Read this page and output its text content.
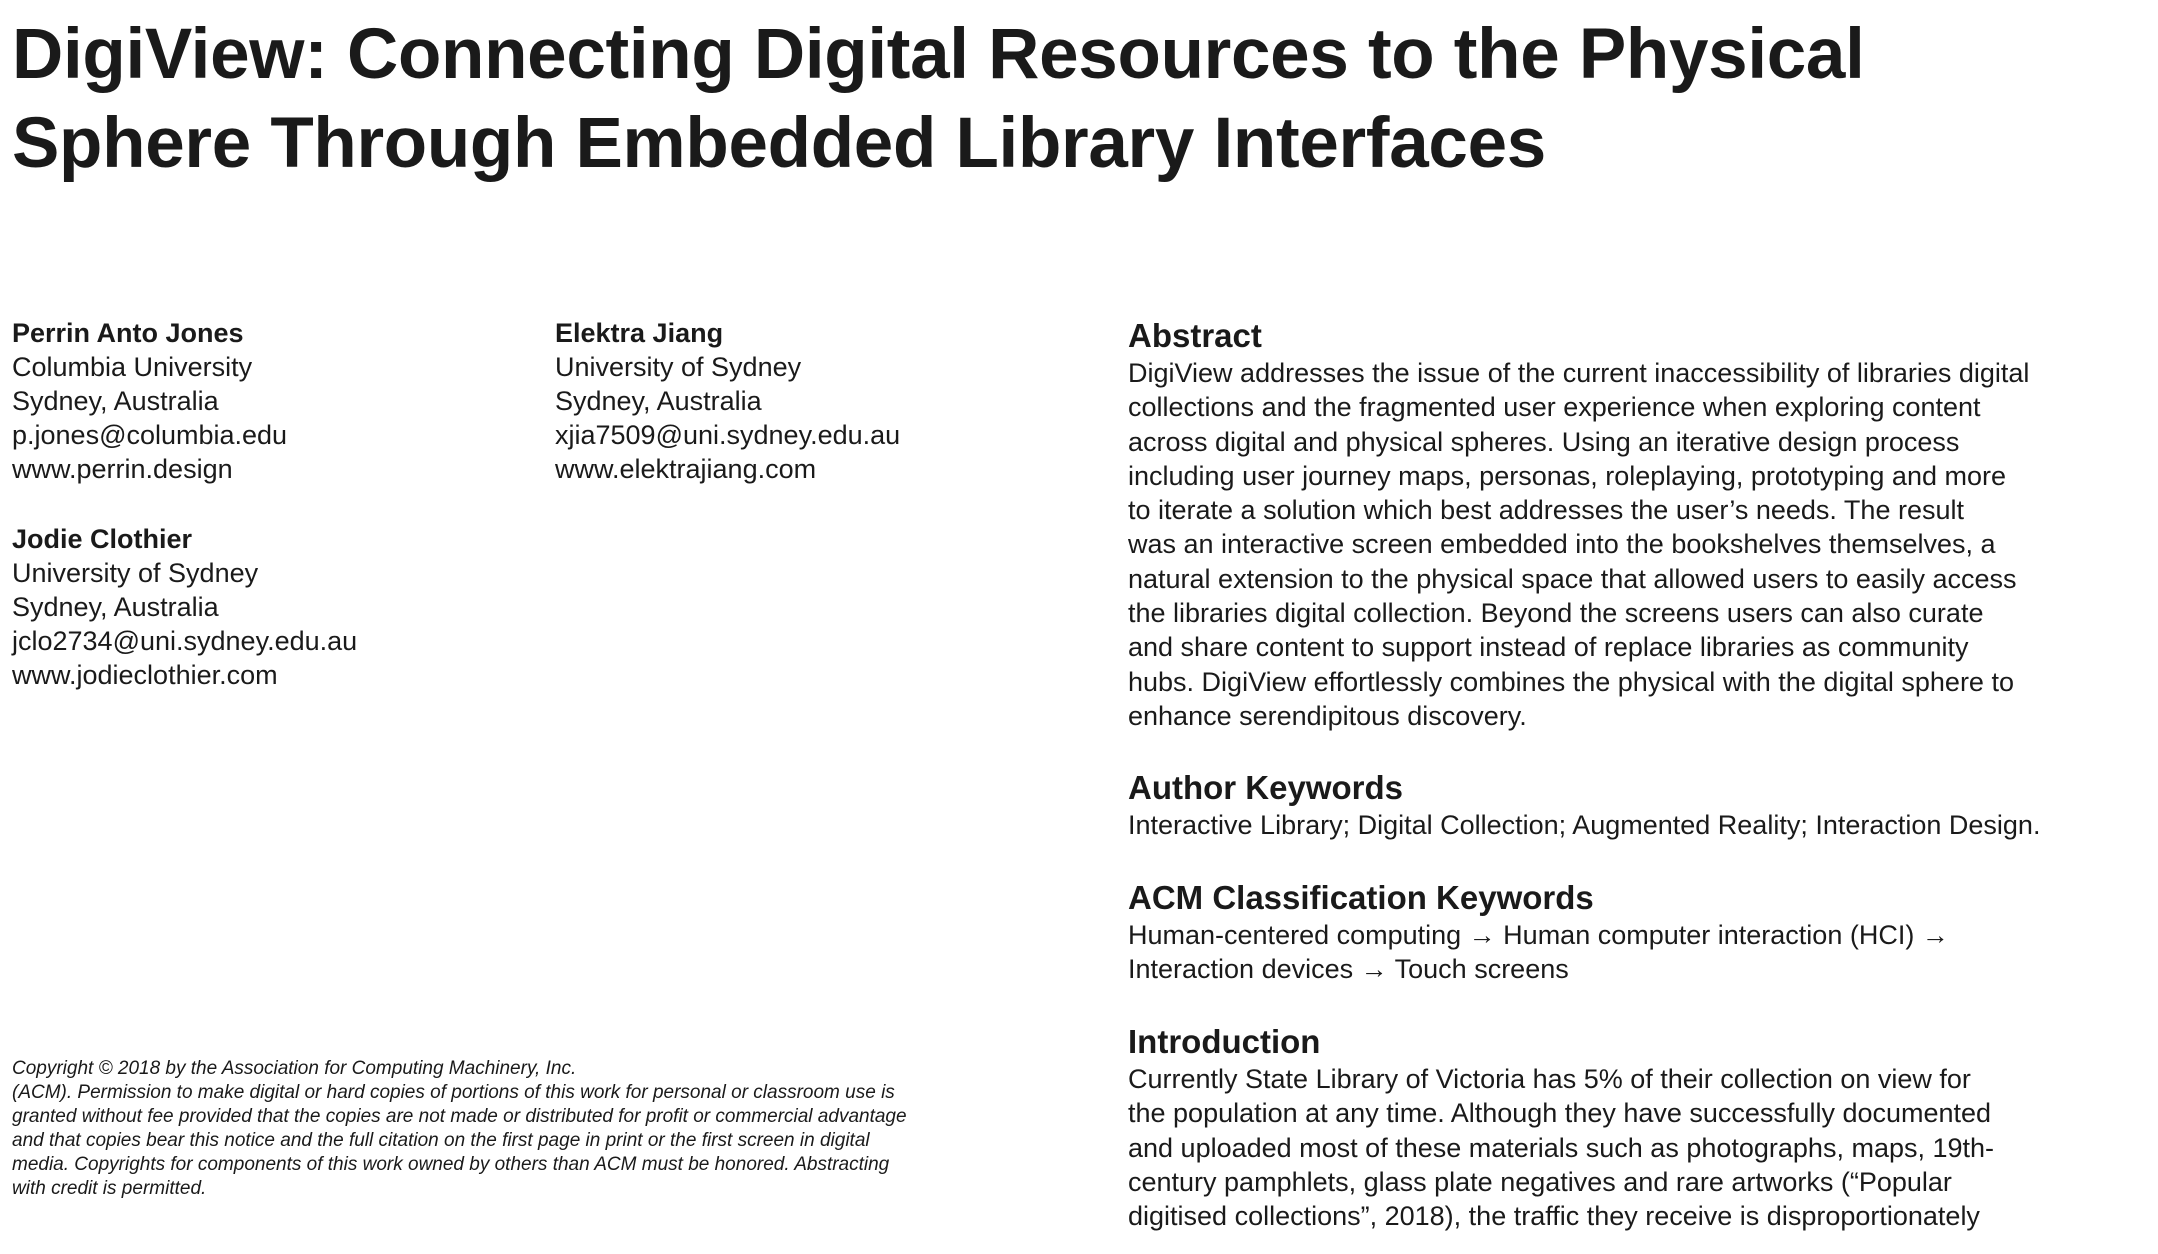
DigiView: Connecting Digital Resources to the Physical
Sphere Through Embedded Library Interfaces
Perrin Anto Jones
Columbia University
Sydney, Australia
p.jones@columbia.edu
www.perrin.design
Elektra Jiang
University of Sydney
Sydney, Australia
xjia7509@uni.sydney.edu.au
www.elektrajiang.com
Jodie Clothier
University of Sydney
Sydney, Australia
jclo2734@uni.sydney.edu.au
www.jodieclothier.com
Copyright © 2018 by the Association for Computing Machinery, Inc.
(ACM). Permission to make digital or hard copies of portions of this work for personal or classroom use is
granted without fee provided that the copies are not made or distributed for profit or commercial advantage
and that copies bear this notice and the full citation on the first page in print or the first screen in digital
media. Copyrights for components of this work owned by others than ACM must be honored. Abstracting
with credit is permitted.
Abstract
DigiView addresses the issue of the current inaccessibility of libraries digital
collections and the fragmented user experience when exploring content
across digital and physical spheres. Using an iterative design process
including user journey maps, personas, roleplaying, prototyping and more
to iterate a solution which best addresses the user’s needs. The result
was an interactive screen embedded into the bookshelves themselves, a
natural extension to the physical space that allowed users to easily access
the libraries digital collection. Beyond the screens users can also curate
and share content to support instead of replace libraries as community
hubs. DigiView effortlessly combines the physical with the digital sphere to
enhance serendipitous discovery.
Author Keywords
Interactive Library; Digital Collection; Augmented Reality; Interaction Design.
ACM Classification Keywords
Human-centered computing → Human computer interaction (HCI) →
Interaction devices → Touch screens
Introduction
Currently State Library of Victoria has 5% of their collection on view for
the population at any time. Although they have successfully documented
and uploaded most of these materials such as photographs, maps, 19th-
century pamphlets, glass plate negatives and rare artworks (“Popular
digitised collections”, 2018), the traffic they receive is disproportionately
